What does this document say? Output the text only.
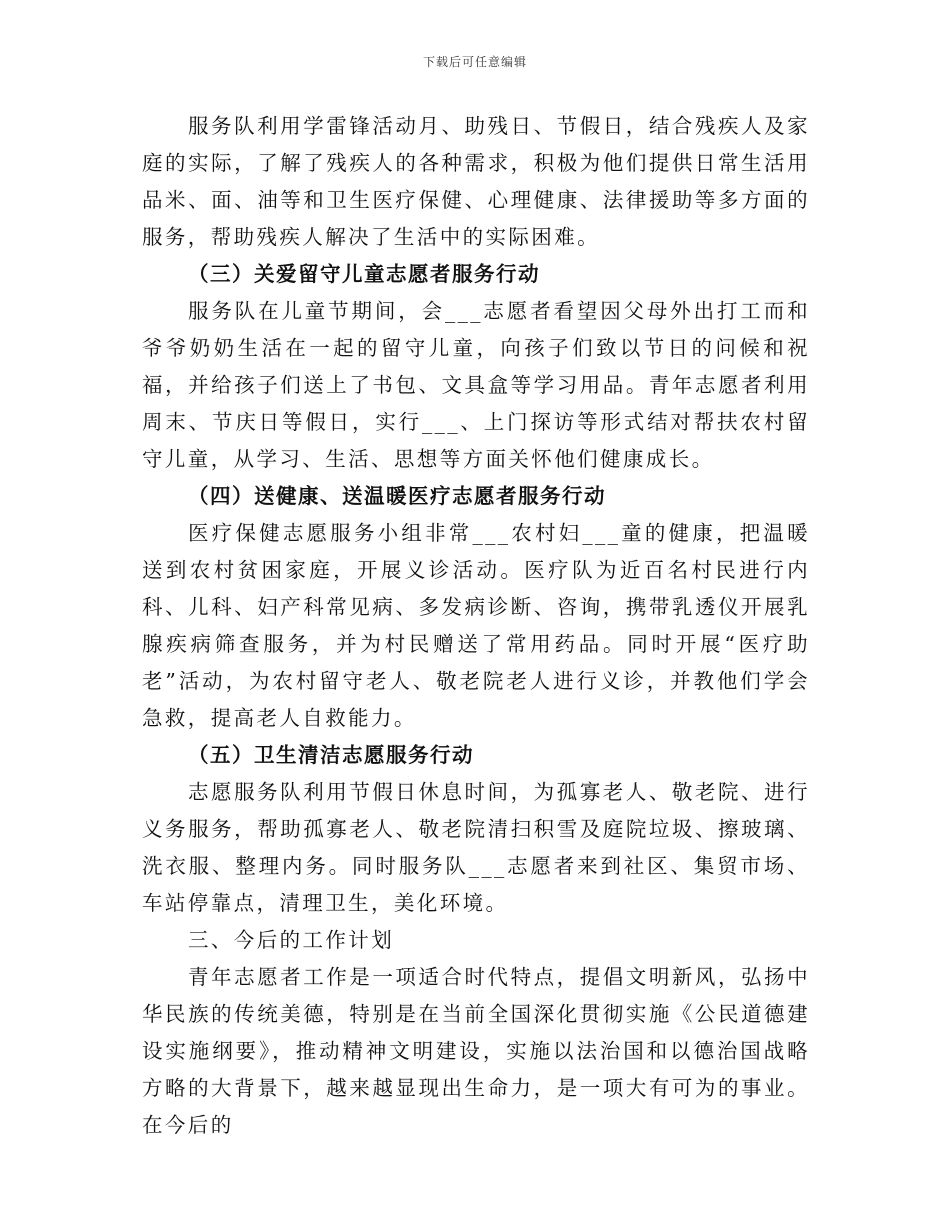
下载后可任意编辑

服务队利用学雷锋活动月、助残日、节假日，结合残疾人及家庭的实际，了解了残疾人的各种需求，积极为他们提供日常生活用品米、面、油等和卫生医疗保健、心理健康、法律援助等多方面的服务，帮助残疾人解决了生活中的实际困难。

（三）关爱留守儿童志愿者服务行动

服务队在儿童节期间，会___志愿者看望因父母外出打工而和爷爷奶奶生活在一起的留守儿童，向孩子们致以节日的问候和祝福，并给孩子们送上了书包、文具盒等学习用品。青年志愿者利用周末、节庆日等假日，实行___、上门探访等形式结对帮扶农村留守儿童，从学习、生活、思想等方面关怀他们健康成长。

（四）送健康、送温暖医疗志愿者服务行动

医疗保健志愿服务小组非常___农村妇___童的健康，把温暖送到农村贫困家庭，开展义诊活动。医疗队为近百名村民进行内科、儿科、妇产科常见病、多发病诊断、咨询，携带乳透仪开展乳腺疾病筛查服务，并为村民赠送了常用药品。同时开展“医疗助老”活动，为农村留守老人、敬老院老人进行义诊，并教他们学会急救，提高老人自救能力。

（五）卫生清洁志愿服务行动

志愿服务队利用节假日休息时间，为孤寡老人、敬老院、进行义务服务，帮助孤寡老人、敬老院清扫积雪及庭院垃圾、擦玻璃、洗衣服、整理内务。同时服务队___志愿者来到社区、集贸市场、车站停靠点，清理卫生，美化环境。

三、今后的工作计划

青年志愿者工作是一项适合时代特点，提倡文明新风，弘扬中华民族的传统美德，特别是在当前全国深化贯彻实施《公民道德建设实施纲要》，推动精神文明建设，实施以法治国和以德治国战略方略的大背景下，越来越显现出生命力，是一项大有可为的事业。在今后的
